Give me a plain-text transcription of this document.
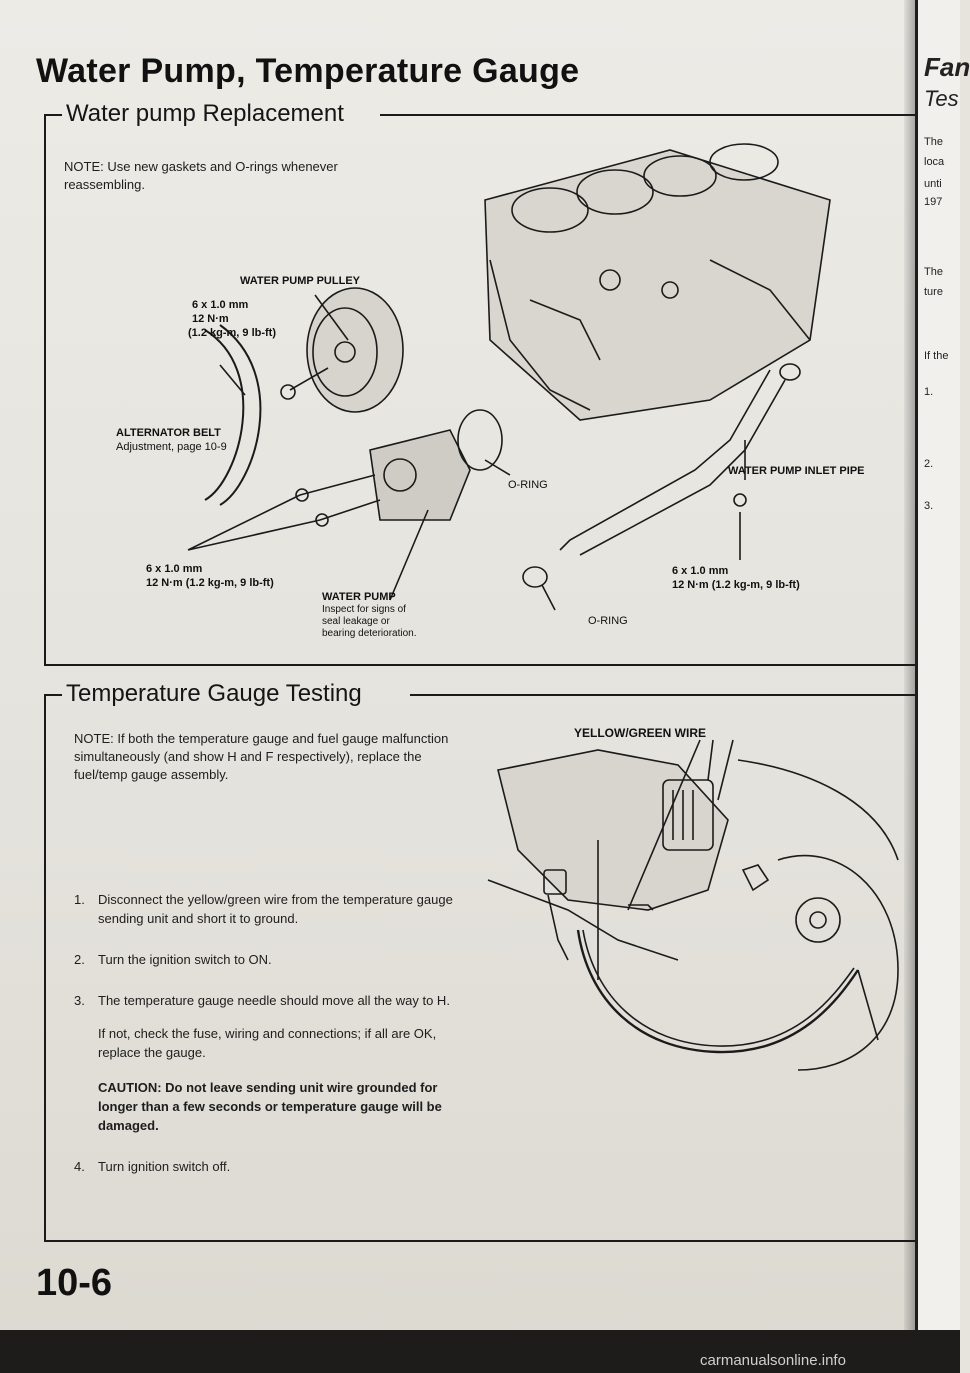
Fan
Tes
The
loca
unti
197
The
ture
If the
1.
2.
3.
Water Pump, Temperature Gauge
Water pump Replacement
NOTE: Use new gaskets and O-rings whenever reassembling.
WATER PUMP PULLEY
6 x 1.0 mm
12 N·m
(1.2 kg-m, 9 lb-ft)
ALTERNATOR BELT
Adjustment, page 10-9
6 x 1.0 mm
12 N·m (1.2 kg-m, 9 lb-ft)
WATER PUMP
Inspect for signs of
seal leakage or
bearing deterioration.
O-RING
WATER PUMP INLET PIPE
6 x 1.0 mm
12 N·m (1.2 kg-m, 9 lb-ft)
O-RING
Temperature Gauge Testing
NOTE: If both the temperature gauge and fuel gauge malfunction simultaneously (and show H and F respectively), replace the fuel/temp gauge assembly.
YELLOW/GREEN WIRE
1. Disconnect the yellow/green wire from the temperature gauge sending unit and short it to ground.
2. Turn the ignition switch to ON.
3. The temperature gauge needle should move all the way to H.
If not, check the fuse, wiring and connections; if all are OK, replace the gauge.
CAUTION: Do not leave sending unit wire grounded for longer than a few seconds or temperature gauge will be damaged.
4. Turn ignition switch off.
10-6
carmanualsonline.info
